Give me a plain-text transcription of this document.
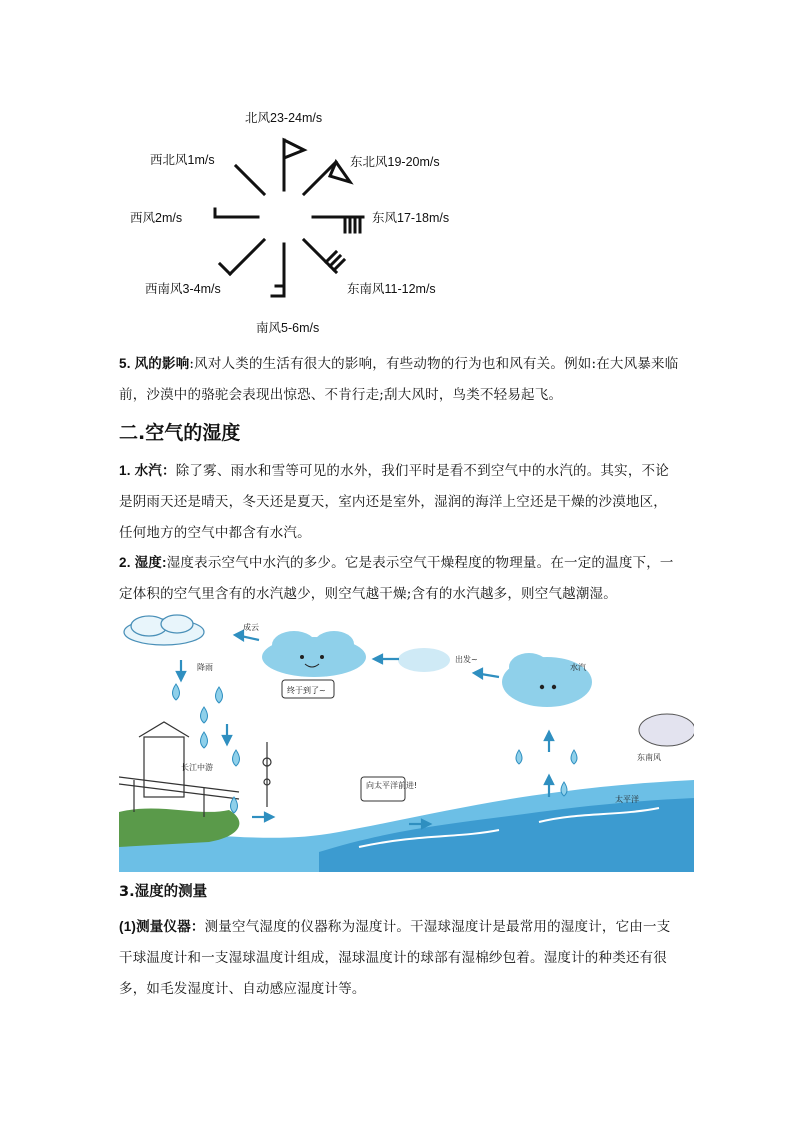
北风23-24m/s
西北风1m/s	东北风19-20m/s
西风2m/s	东风17-18m/s
西南风3-4m/s	东南风11-12m/s
南风5-6m/s
5. 风的影响:风对人类的生活有很大的影响，有些动物的行为也和风有关。例如:在大风暴来临前，沙漠中的骆驼会表现出惊恐、不肯行走;刮大风时，鸟类不轻易起飞。
二.空气的湿度
1. 水汽：除了雾、雨水和雪等可见的水外，我们平时是看不到空气中的水汽的。其实，不论是阴雨天还是晴天，冬天还是夏天，室内还是室外，湿润的海洋上空还是干燥的沙漠地区，任何地方的空气中都含有水汽。
2. 湿度:湿度表示空气中水汽的多少。它是表示空气干燥程度的物理量。在一定的温度下，一定体积的空气里含有的水汽越少，则空气越干燥;含有的水汽越多，则空气越潮湿。
成云
降雨
终于到了~
出发~
水汽
东南风
长江中游
向太平洋前进!
太平洋
3.湿度的测量
(1)测量仪器：测量空气湿度的仪器称为湿度计。干湿球湿度计是最常用的湿度计，它由一支干球温度计和一支湿球温度计组成，湿球温度计的球部有湿棉纱包着。湿度计的种类还有很多，如毛发湿度计、自动感应湿度计等。
